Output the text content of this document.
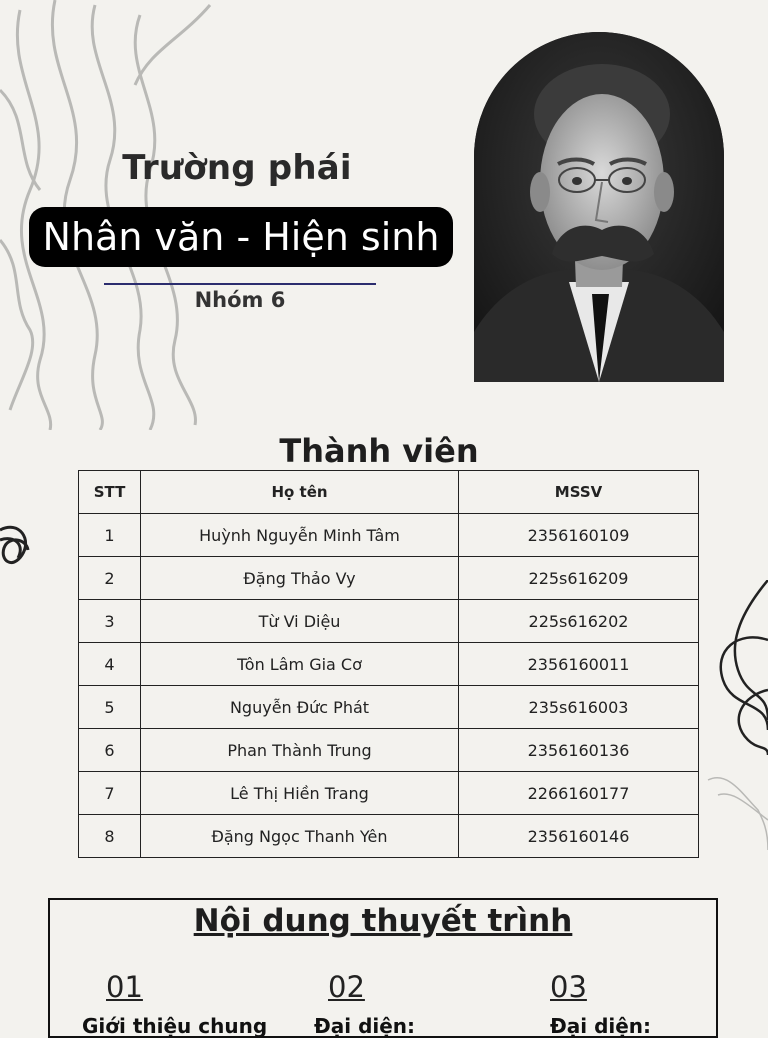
Trường phái
Nhân văn - Hiện sinh
Nhóm 6
Thành viên
STT	Họ tên	MSSV
1	Huỳnh Nguyễn Minh Tâm	2356160109
2	Đặng Thảo Vy	225s616209
3	Từ Vi Diệu	225s616202
4	Tôn Lâm Gia Cơ	2356160011
5	Nguyễn Đức Phát	235s616003
6	Phan Thành Trung	2356160136
7	Lê Thị Hiền Trang	2266160177
8	Đặng Ngọc Thanh Yên	2356160146
Nội dung thuyết trình
01
Giới thiệu chung
02
Đại diện:
03
Đại diện:
